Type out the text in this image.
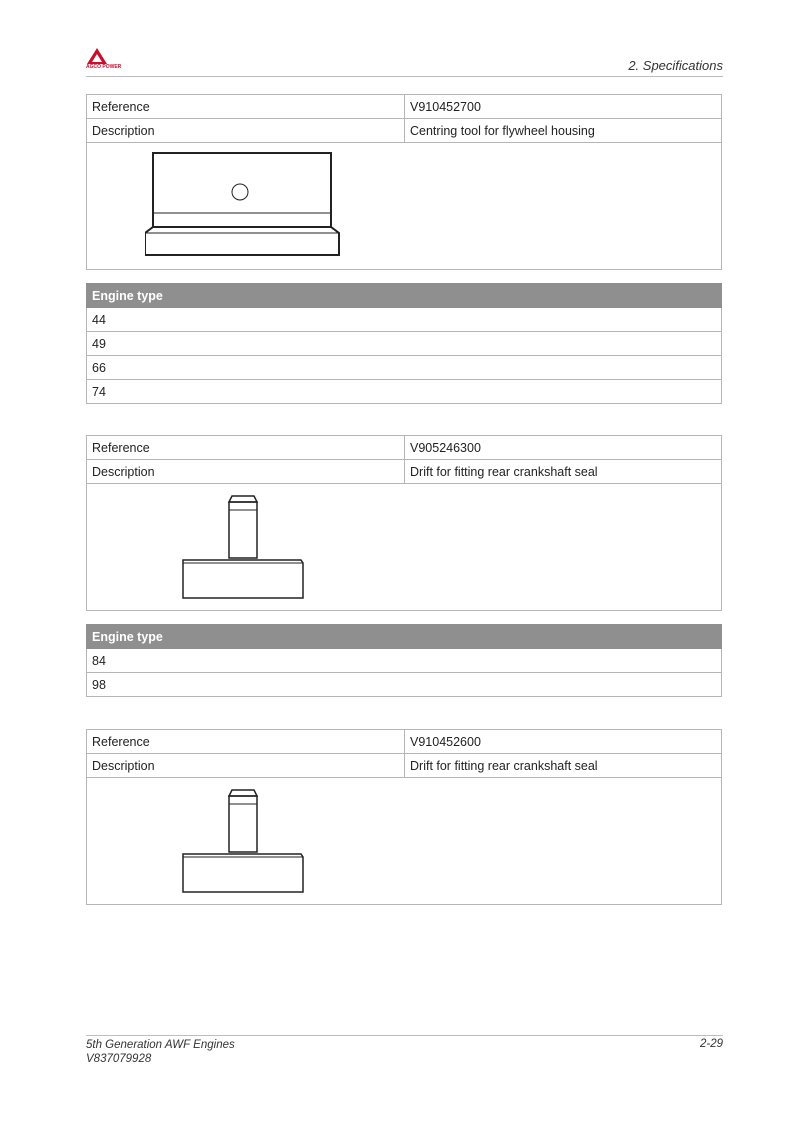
AGCO POWER	2. Specifications
Reference	V910452700
Description	Centring tool for flywheel housing

Engine type
44
49
66
74
Reference	V905246300
Description	Drift for fitting rear crankshaft seal

Engine type
84
98
Reference	V910452600
Description	Drift for fitting rear crankshaft seal

5th Generation AWF Engines
V837079928
2-29
